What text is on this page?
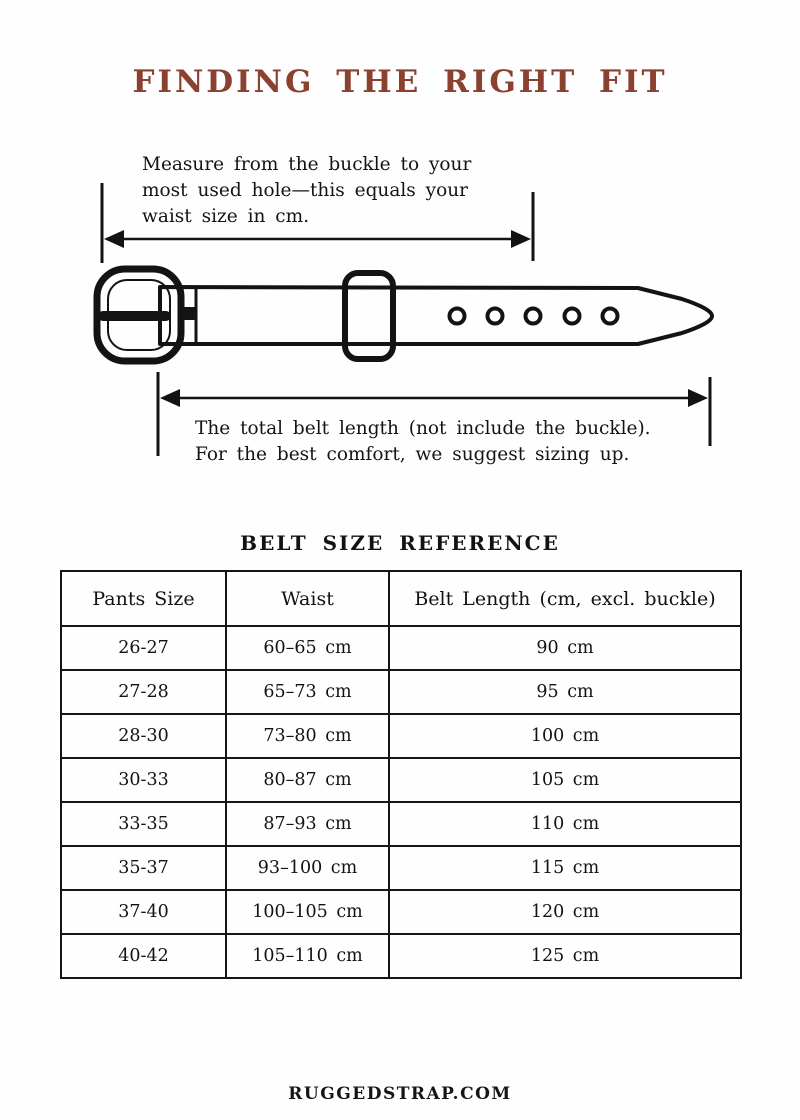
FINDING THE RIGHT FIT
Measure from the buckle to your
most used hole—this equals your
waist size in cm.
The total belt length (not include the buckle).
For the best comfort, we suggest sizing up.
BELT SIZE REFERENCE
Pants Size	Waist	Belt Length (cm, excl. buckle)
26-27	60–65 cm	90 cm
27-28	65–73 cm	95 cm
28-30	73–80 cm	100 cm
30-33	80–87 cm	105 cm
33-35	87–93 cm	110 cm
35-37	93–100 cm	115 cm
37-40	100–105 cm	120 cm
40-42	105–110 cm	125 cm
RUGGEDSTRAP.COM
